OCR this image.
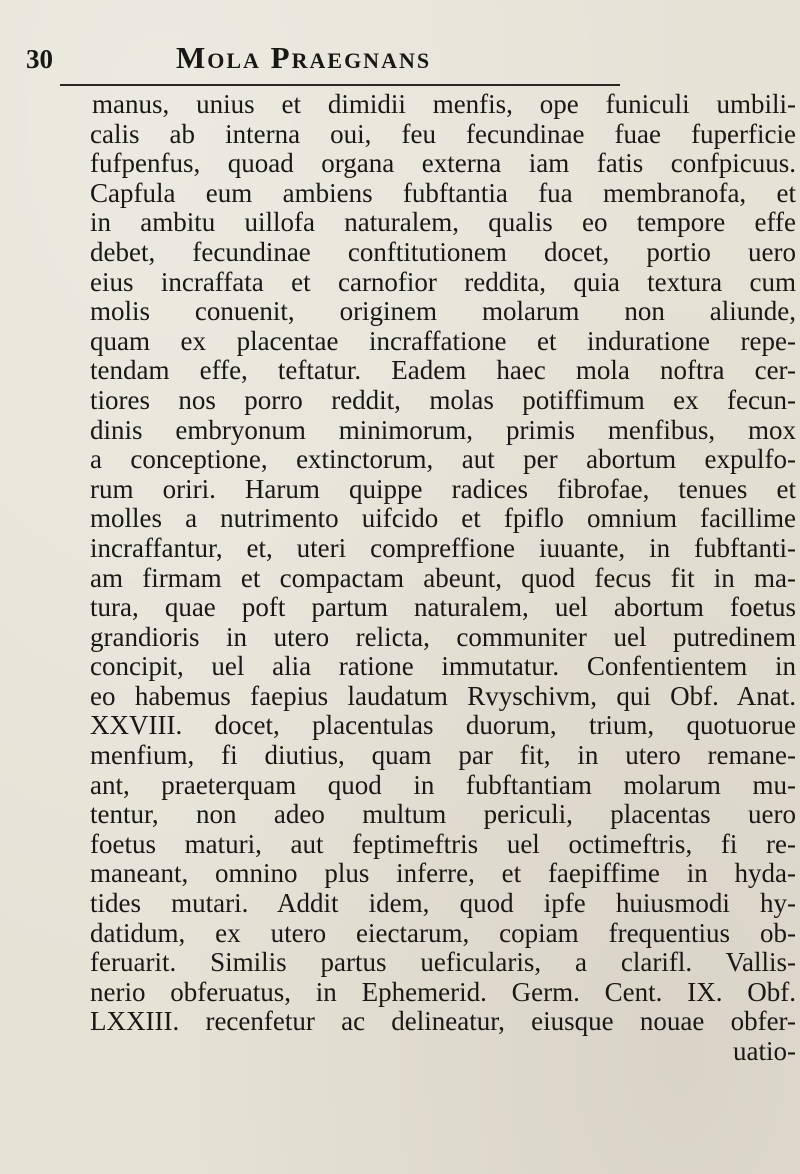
30	Mola Praegnans
manus, unius et dimidii menfis, ope funiculi umbili-
calis ab interna oui, feu fecundinae fuae fuperficie
fufpenfus, quoad organa externa iam fatis confpicuus.
Capfula eum ambiens fubftantia fua membranofa, et
in ambitu uillofa naturalem, qualis eo tempore effe
debet, fecundinae conftitutionem docet, portio uero
eius incraffata et carnofior reddita, quia textura cum
molis conuenit, originem molarum non aliunde,
quam ex placentae incraffatione et induratione repe-
tendam effe, teftatur. Eadem haec mola noftra cer-
tiores nos porro reddit, molas potiffimum ex fecun-
dinis embryonum minimorum, primis menfibus, mox
a conceptione, extinctorum, aut per abortum expulfo-
rum oriri. Harum quippe radices fibrofae, tenues et
molles a nutrimento uifcido et fpiflo omnium facillime
incraffantur, et, uteri compreffione iuuante, in fubftanti-
am firmam et compactam abeunt, quod fecus fit in ma-
tura, quae poft partum naturalem, uel abortum foetus
grandioris in utero relicta, communiter uel putredinem
concipit, uel alia ratione immutatur. Confentientem in
eo habemus faepius laudatum Rvyschivm, qui Obf. Anat.
XXVIII. docet, placentulas duorum, trium, quotuorue
menfium, fi diutius, quam par fit, in utero remane-
ant, praeterquam quod in fubftantiam molarum mu-
tentur, non adeo multum periculi, placentas uero
foetus maturi, aut feptimeftris uel octimeftris, fi re-
maneant, omnino plus inferre, et faepiffime in hyda-
tides mutari. Addit idem, quod ipfe huiusmodi hy-
datidum, ex utero eiectarum, copiam frequentius ob-
feruarit. Similis partus ueficularis, a clarifl. Vallis-
nerio obferuatus, in Ephemerid. Germ. Cent. IX. Obf.
LXXIII. recenfetur ac delineatur, eiusque nouae obfer-
uatio-
